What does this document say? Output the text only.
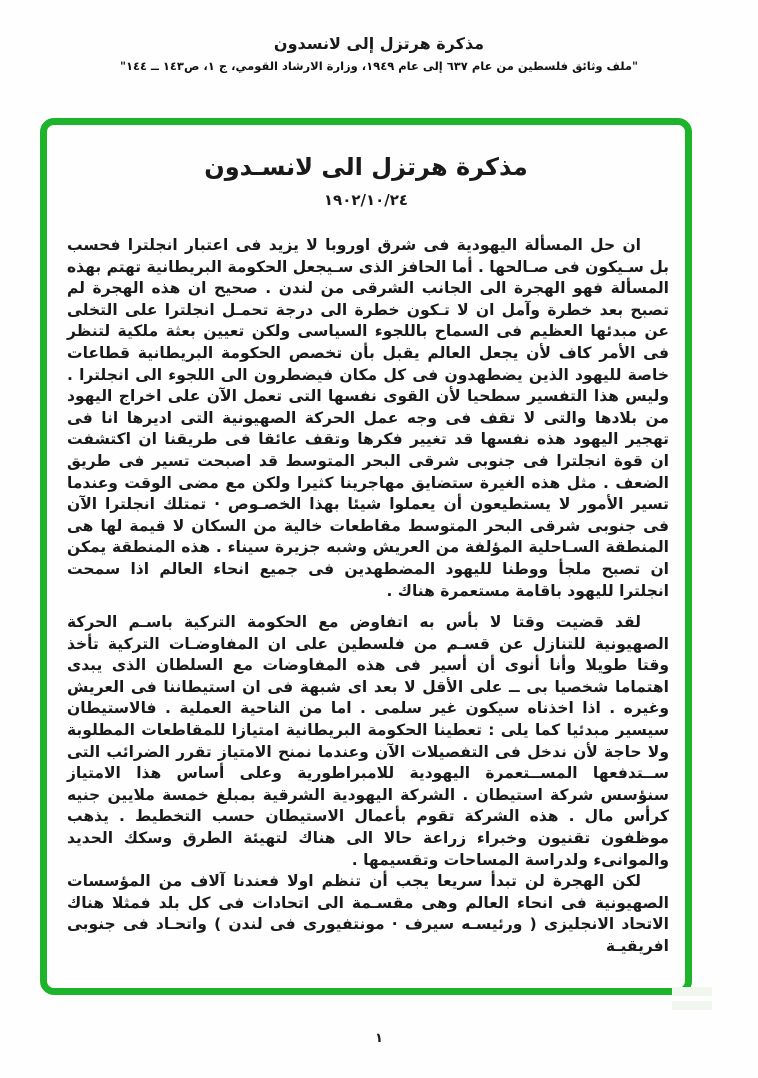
مذكرة هرتزل إلى لانسدون
"ملف وثائق فلسطين من عام ٦٣٧ إلى عام ١٩٤٩، وزارة الارشاد القومي، ج ١، ص١٤٣ ــ ١٤٤"
مذكرة هرتزل الى لانسـدون
١٩٠٢/١٠/٢٤

ان حل المسألة اليهودية فى شرق اوروبا لا يزيد فى اعتبار انجلترا فحسب بل سـيكون فى صـالحها . أما الحافز الذى سـيجعل الحكومة البريطانية تهتم بهذه المسألة فهو الهجرة الى الجانب الشرقى من لندن . صحيح ان هذه الهجرة لم تصبح بعد خطرة وآمل ان لا تـكون خطرة الى درجة تحمـل انجلترا على التخلى عن مبدئها العظيم فى السماح باللجوء السياسى ولكن تعيين بعثة ملكية لتنظر فى الأمر كاف لأن يجعل العالم يقبل بأن تخصص الحكومة البريطانية قطاعات خاصة لليهود الذين يضطهدون فى كل مكان فيضطرون الى اللجوء الى انجلترا . وليس هذا التفسير سطحيا لأن القوى نفسها التى تعمل الآن على اخراج اليهود من بلادها والتى لا تقف فى وجه عمل الحركة الصهيونية التى اديرها انا فى تهجير اليهود هذه نفسها قد تغيير فكرها وتقف عائقا فى طريقنا ان اكتشفت ان قوة انجلترا فى جنوبى شرقى البحر المتوسط قد اصبحت تسير فى طريق الضعف . مثل هذه الغيرة ستضايق مهاجرينا كثيرا ولكن مع مضى الوقت وعندما تسير الأمور لا يستطيعون أن يعملوا شيئا بهذا الخصـوص · تمتلك انجلترا الآن فى جنوبى شرقى البحر المتوسط مقاطعات خالية من السكان لا قيمة لها هى المنطقة السـاحلية المؤلفة من العريش وشبه جزيرة سيناء . هذه المنطقة يمكن ان تصبح ملجأ ووطنا لليهود المضطهدين فى جميع انحاء العالم اذا سمحت انجلترا لليهود باقامة مستعمرة هناك .

لقد قضيت وقتا لا بأس به اتفاوض مع الحكومة التركية باسـم الحركة الصهيونية للتنازل عن قسـم من فلسطين على ان المفاوضـات التركية تأخذ وقتا طويلا وأنا أنوى أن أسير فى هذه المفاوضات مع السلطان الذى يبدى اهتماما شخصيا بى ــ على الأقل لا بعد اى شبهة فى ان استيطاننا فى العريش وغيره . اذا اخذناه سيكون غير سلمى . اما من الناحية العملية . فالاستيطان سيسير مبدئيا كما يلى : تعطينا الحكومة البريطانية امتيازا للمقاطعات المطلوبة ولا حاجة لأن ندخل فى التفصيلات الآن وعندما نمنح الامتياز تقرر الضرائب التى ســتدفعها المســتعمرة اليهودية للامبراطورية وعلى أساس هذا الامتياز سنؤسس شركة استيطان . الشركة اليهودية الشرقية بمبلغ خمسة ملايين جنيه كرأس مال . هذه الشركة تقوم بأعمال الاستيطان حسب التخطيط . يذهب موظفون تقنيون وخبراء زراعة حالا الى هناك لتهيئة الطرق وسكك الحديد والموانىء ولدراسة المساحات وتقسيمها .

لكن الهجرة لن تبدأ سريعا يجب أن تنظم اولا فعندنا آلاف من المؤسسات الصهيونية فى انحاء العالم وهى مقسـمة الى اتحادات فى كل بلد فمثلا هناك الاتحاد الانجليزى ( ورئيسـه سيرف · مونتفيورى فى لندن ) واتحـاد فى جنوبى افريقيـة

١
